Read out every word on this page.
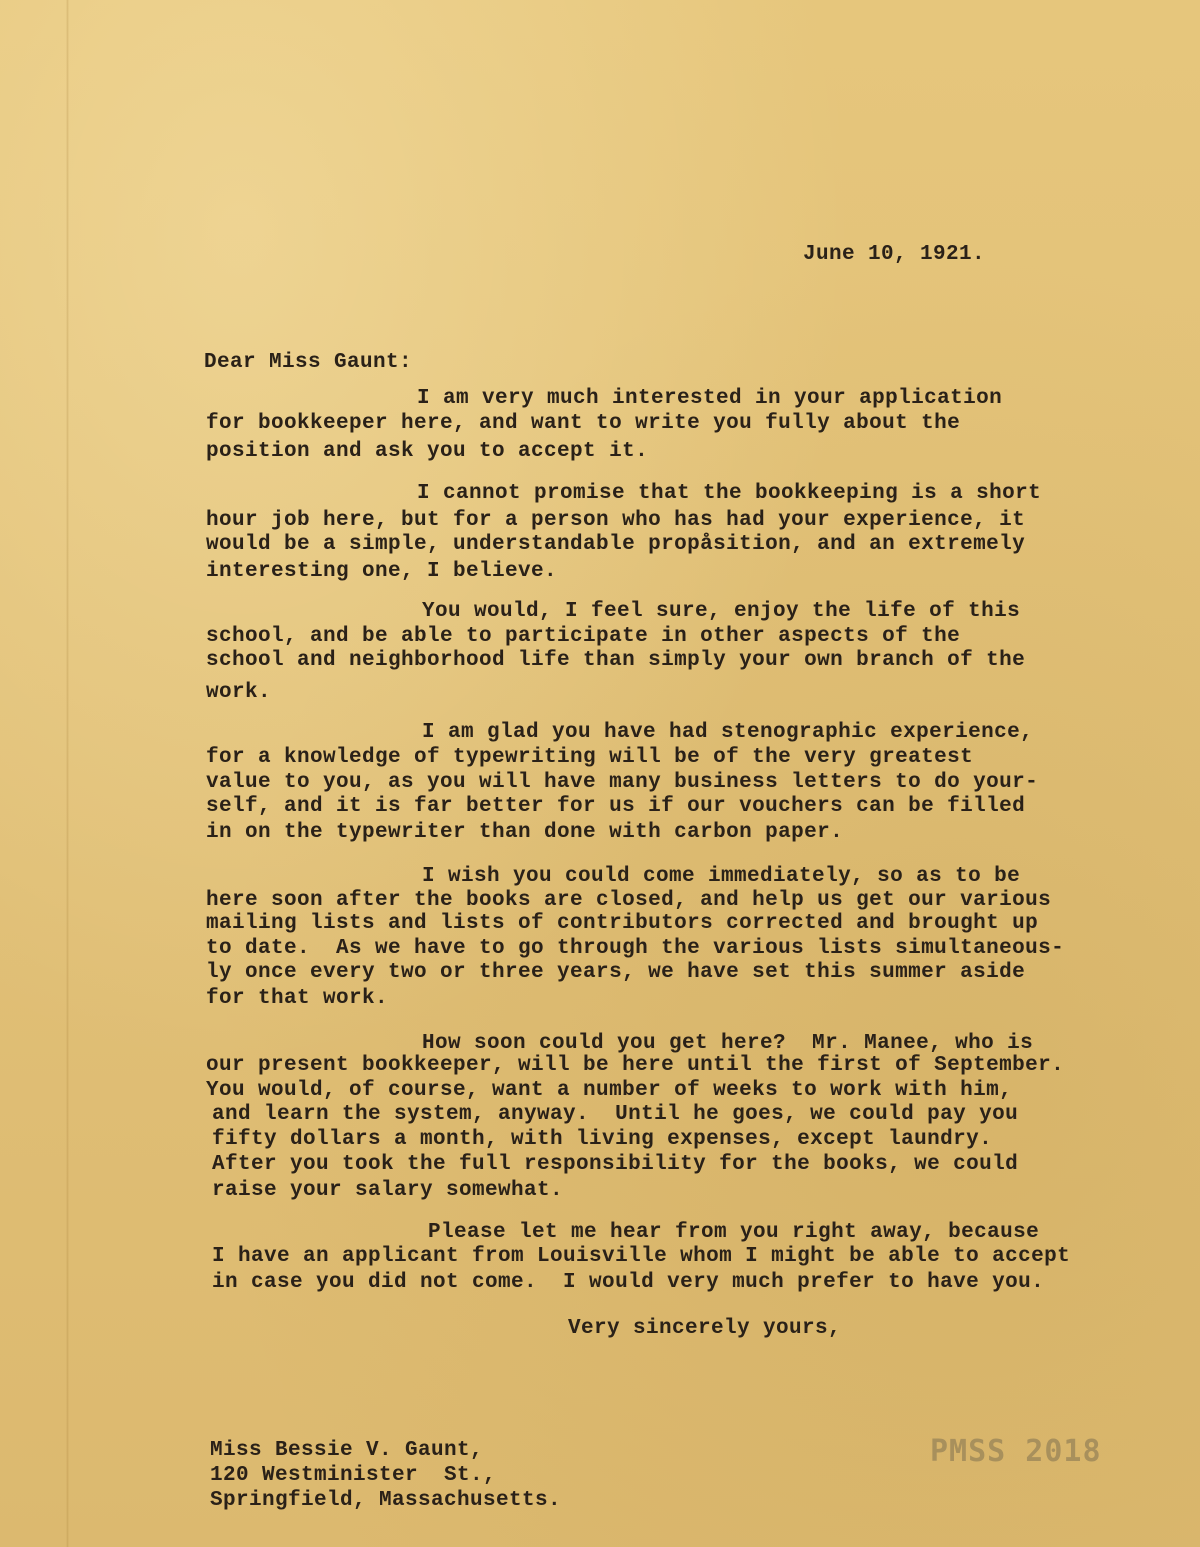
June 10, 1921.
Dear Miss Gaunt:
I am very much interested in your application
for bookkeeper here, and want to write you fully about the
position and ask you to accept it.
I cannot promise that the bookkeeping is a short
hour job here, but for a person who has had your experience, it
would be a simple, understandable propåsition, and an extremely
interesting one, I believe.
You would, I feel sure, enjoy the life of this
school, and be able to participate in other aspects of the
school and neighborhood life than simply your own branch of the
work.
I am glad you have had stenographic experience,
for a knowledge of typewriting will be of the very greatest
value to you, as you will have many business letters to do your-
self, and it is far better for us if our vouchers can be filled
in on the typewriter than done with carbon paper.
I wish you could come immediately, so as to be
here soon after the books are closed, and help us get our various
mailing lists and lists of contributors corrected and brought up
to date.  As we have to go through the various lists simultaneous-
ly once every two or three years, we have set this summer aside
for that work.
How soon could you get here?  Mr. Manee, who is
our present bookkeeper, will be here until the first of September.
You would, of course, want a number of weeks to work with him,
and learn the system, anyway.  Until he goes, we could pay you
fifty dollars a month, with living expenses, except laundry.
After you took the full responsibility for the books, we could
raise your salary somewhat.
Please let me hear from you right away, because
I have an applicant from Louisville whom I might be able to accept
in case you did not come.  I would very much prefer to have you.
Very sincerely yours,
Miss Bessie V. Gaunt,
120 Westminister  St.,
Springfield, Massachusetts.
PMSS 2018
